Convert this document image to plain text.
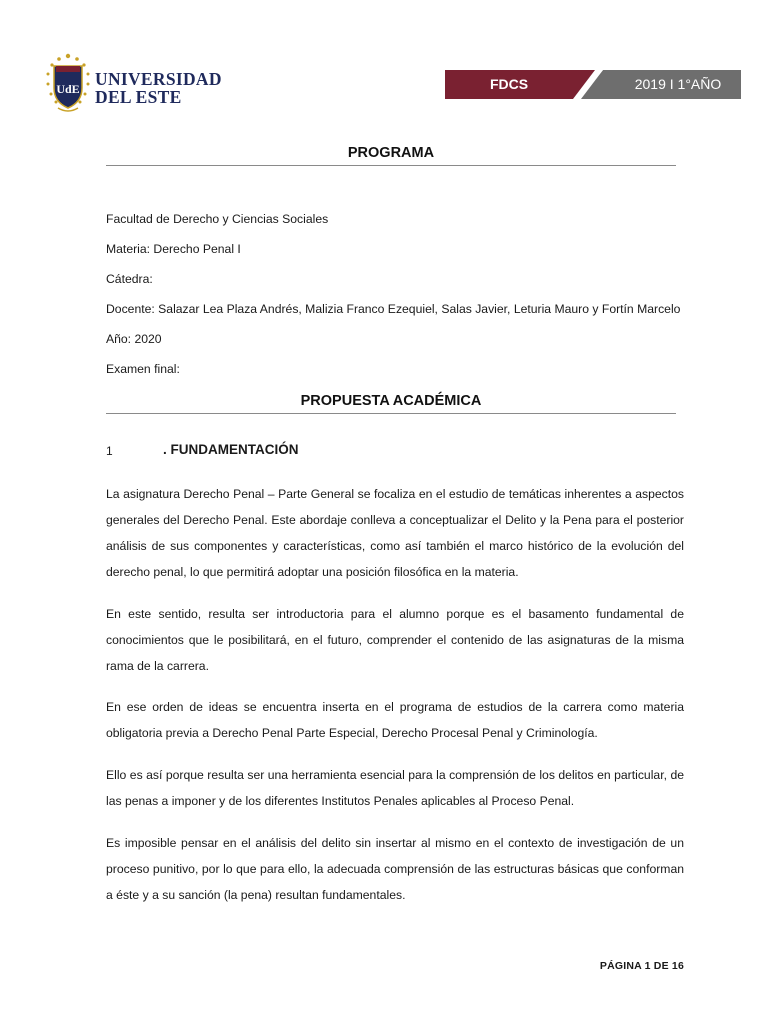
UdE UNIVERSIDAD
DEL ESTE
FDCS	2019 I 1°AÑO
PROGRAMA
Facultad de Derecho y Ciencias Sociales
Materia: Derecho Penal I
Cátedra:
Docente: Salazar Lea Plaza Andrés, Malizia Franco Ezequiel, Salas Javier, Leturia Mauro y Fortín Marcelo
Año: 2020
Examen final:
PROPUESTA ACADÉMICA
1	. FUNDAMENTACIÓN

La asignatura Derecho Penal – Parte General se focaliza en el estudio de temáticas inherentes a aspectos generales del Derecho Penal. Este abordaje conlleva a conceptualizar el Delito y la Pena para el posterior análisis de sus componentes y características, como así también el marco histórico de la evolución del derecho penal, lo que permitirá adoptar una posición filosófica en la materia.

En este sentido, resulta ser introductoria para el alumno porque es el basamento fundamental de conocimientos que le posibilitará, en el futuro, comprender el contenido de las asignaturas de la misma rama de la carrera.

En ese orden de ideas se encuentra inserta en el programa de estudios de la carrera como materia obligatoria previa a Derecho Penal Parte Especial, Derecho Procesal Penal y Criminología.

Ello es así porque resulta ser una herramienta esencial para la comprensión de los delitos en particular, de las penas a imponer y de los diferentes Institutos Penales aplicables al Proceso Penal.

Es imposible pensar en el análisis del delito sin insertar al mismo en el contexto de investigación de un proceso punitivo, por lo que para ello, la adecuada comprensión de las estructuras básicas que conforman a éste y a su sanción (la pena) resultan fundamentales.

PÁGINA 1 DE 16
